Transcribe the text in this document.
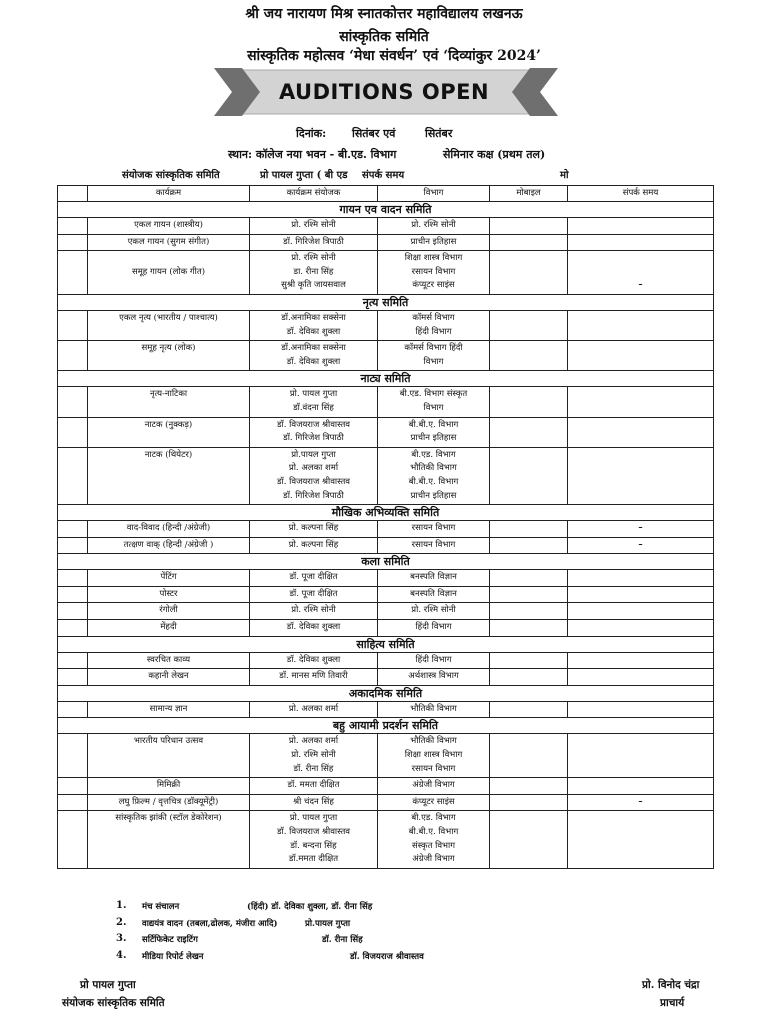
श्री जय नारायण मिश्र स्नातकोत्तर महाविद्यालय लखनऊ
सांस्कृतिक समिति
सांस्कृतिक महोत्सव ‘मेधा संवर्धन’ एवं ‘दिव्यांकुर 2024’
AUDITIONS OPEN
दिनांक: सितंबर एवं	सितंबर
स्थान: कॉलेज नया भवन - बी.एड. विभाग	सेमिनार कक्ष (प्रथम तल)
संयोजक सांस्कृतिक समिति	प्रो पायल गुप्ता ( बी एड संपर्क समय	मो
	कार्यक्रम	कार्यक्रम संयोजक	विभाग	मोबाइल	संपर्क समय
गायन एव वादन समिति					
	एकल गायन (शास्त्रीय)	प्रो. रश्मि सोनी	प्रो. रश्मि सोनी		

	एकल गायन (सुगम संगीत)	डॉ. गिरिजेश त्रिपाठी	प्राचीन इतिहास		

	समूह गायन (लोक गीत)	प्रो. रश्मि सोनी
डा. रीना सिंह
सुश्री कृति जायसवाल	शिक्षा शास्त्र विभाग
रसायन विभाग
कंप्यूटर साइंस		–

नृत्य समिति					
	एकल नृत्य (भारतीय / पाश्चात्य)	डॉ.अनामिका सक्सेना
डॉ. देविका शुक्ला	कॉमर्स विभाग
हिंदी विभाग		

	समूह नृत्य (लोक)	डॉ.अनामिका सक्सेना
डॉ. देविका शुक्ला	कॉमर्स विभाग हिंदी
विभाग		

नाट्य समिति					
	नृत्य-नाटिका	प्रो. पायल गुप्ता
डॉ.वंदना सिंह	बी.एड. विभाग संस्कृत
विभाग		

	नाटक (नुक्कड़)	डॉ. विजयराज श्रीवास्तव
डॉ. गिरिजेश त्रिपाठी	बी.बी.ए. विभाग
प्राचीन इतिहास		

	नाटक (थियेटर)	प्रो.पायल गुप्ता
प्रो. अलका शर्मा
डॉ. विजयराज श्रीवास्तव
डॉ. गिरिजेश त्रिपाठी	बी.एड. विभाग
भौतिकी विभाग
बी.बी.ए. विभाग
प्राचीन इतिहास		

मौखिक अभिव्यक्ति समिति					
	वाद-विवाद (हिन्दी /अंग्रेजी)	प्रो. कल्पना सिंह	रसायन विभाग		–

	तत्क्षण वाक् (हिन्दी /अंग्रेजी )	प्रो. कल्पना सिंह	रसायन विभाग		–

कला समिति					
	पेंटिंग	डॉ. पूजा दीक्षित	बनस्पति विज्ञान		

	पोस्टर	डॉ. पूजा दीक्षित	बनस्पति विज्ञान		

	रंगोली	प्रो. रश्मि सोनी	प्रो. रश्मि सोनी		

	मेंहदी	डॉ. देविका शुक्ला	हिंदी विभाग		

साहित्य समिति					
	स्वरचित काव्य	डॉ. देविका शुक्ला	हिंदी विभाग		

	कहानी लेखन	डॉ. मानस मणि तिवारी	अर्थशास्त्र विभाग		

अकादमिक समिति					
	सामान्य ज्ञान	प्रो. अलका शर्मा	भौतिकी विभाग		

बहु आयामी प्रदर्शन समिति					
	भारतीय परिधान उत्सव	प्रो. अलका शर्मा
प्रो. रश्मि सोनी
डॉ. रीना सिंह	भौतिकी विभाग
शिक्षा शास्त्र विभाग
रसायन विभाग		

	मिमिक्री	डॉ. ममता दीक्षित	अंग्रेजी विभाग		

	लघु फ़िल्म / वृत्तचित्र (डॉक्यूमेंट्री)	श्री चंदन सिंह	कंप्यूटर साइंस		–

	सांस्कृतिक झांकी (स्टॉल डेकोरेशन)	प्रो. पायल गुप्ता
डॉ. विजयराज श्रीवास्तव
डॉ. बन्दना सिंह
डॉ.ममता दीक्षित	बी.एड. विभाग
बी.बी.ए. विभाग
संस्कृत विभाग
अंग्रेजी विभाग		

1. मंच संचालन	(हिंदी) डॉ. देविका शुक्ला, डॉ. रीना सिंह
2. वाद्ययंत्र वादन (तबला,ढोलक, मंजीरा आदि)	प्रो.पायल गुप्ता
3. सर्टिफिकेट राइटिंग	डॉ. रीना सिंह
4. मीडिया रिपोर्ट लेखन	डॉ. विजयराज श्रीवास्तव
प्रो पायल गुप्ता
संयोजक सांस्कृतिक समिति
प्रो. विनोद चंद्रा
प्राचार्य
